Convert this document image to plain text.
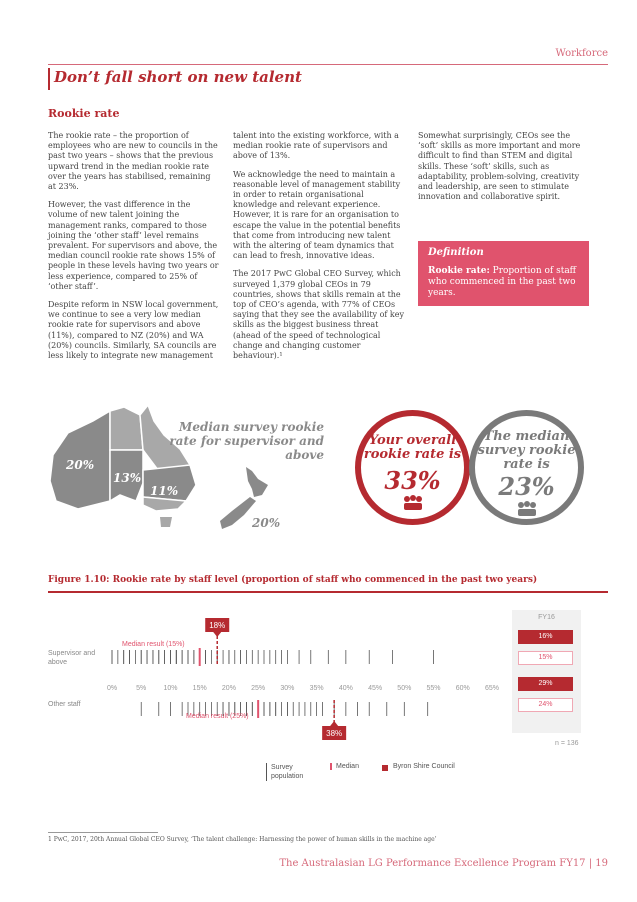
Workforce
Don’t fall short on new talent
Rookie rate

The rookie rate – the proportion of employees who are new to councils in the past two years – shows that the previous upward trend in the median rookie rate over the years has stabilised, remaining at 23%.

However, the vast difference in the volume of new talent joining the management ranks, compared to those joining the ‘other staff’ level remains prevalent. For supervisors and above, the median council rookie rate shows 15% of people in these levels having two years or less experience, compared to 25% of ‘other staff’.

Despite reform in NSW local government, we continue to see a very low median rookie rate for supervisors and above (11%), compared to NZ (20%) and WA (20%) councils. Similarly, SA councils are less likely to integrate new management

talent into the existing workforce, with a median rookie rate of supervisors and above of 13%.

We acknowledge the need to maintain a reasonable level of management stability in order to retain organisational knowledge and relevant experience. However, it is rare for an organisation to escape the value in the potential benefits that come from introducing new talent with the altering of team dynamics that can lead to fresh, innovative ideas.

The 2017 PwC Global CEO Survey, which surveyed 1,379 global CEOs in 79 countries, shows that skills remain at the top of CEO’s agenda, with 77% of CEOs saying that they see the availability of key skills as the biggest business threat (ahead of the speed of technological change and changing customer behaviour).¹

Somewhat surprisingly, CEOs see the ‘soft’ skills as more important and more difficult to find than STEM and digital skills. These ‘soft’ skills, such as adaptability, problem-solving, creativity and leadership, are seen to stimulate innovation and collaborative spirit.

Definition
Rookie rate: Proportion of staff who commenced in the past two years.
Median survey rookie rate for supervisor and above
20%
13%
11%
20%
Your overall rookie rate is
33%
The median survey rookie rate is
23%
Figure 1.10: Rookie rate by staff level (proportion of staff who commenced in the past two years)
Supervisor and above
Other staff
0%	5% 10% 15% 20% 25% 30% 35% 40% 45% 50% 55% 60% 65%
18%
38%
Median result (15%)
Median result (25%)
FY16
16%
15%
29%
24%
n = 136
Survey population
Median	Byron Shire Council
1 PwC, 2017, 20th Annual Global CEO Survey, ‘The talent challenge: Harnessing the power of human skills in the machine age’
The Australasian LG Performance Excellence Program FY17 | 19
